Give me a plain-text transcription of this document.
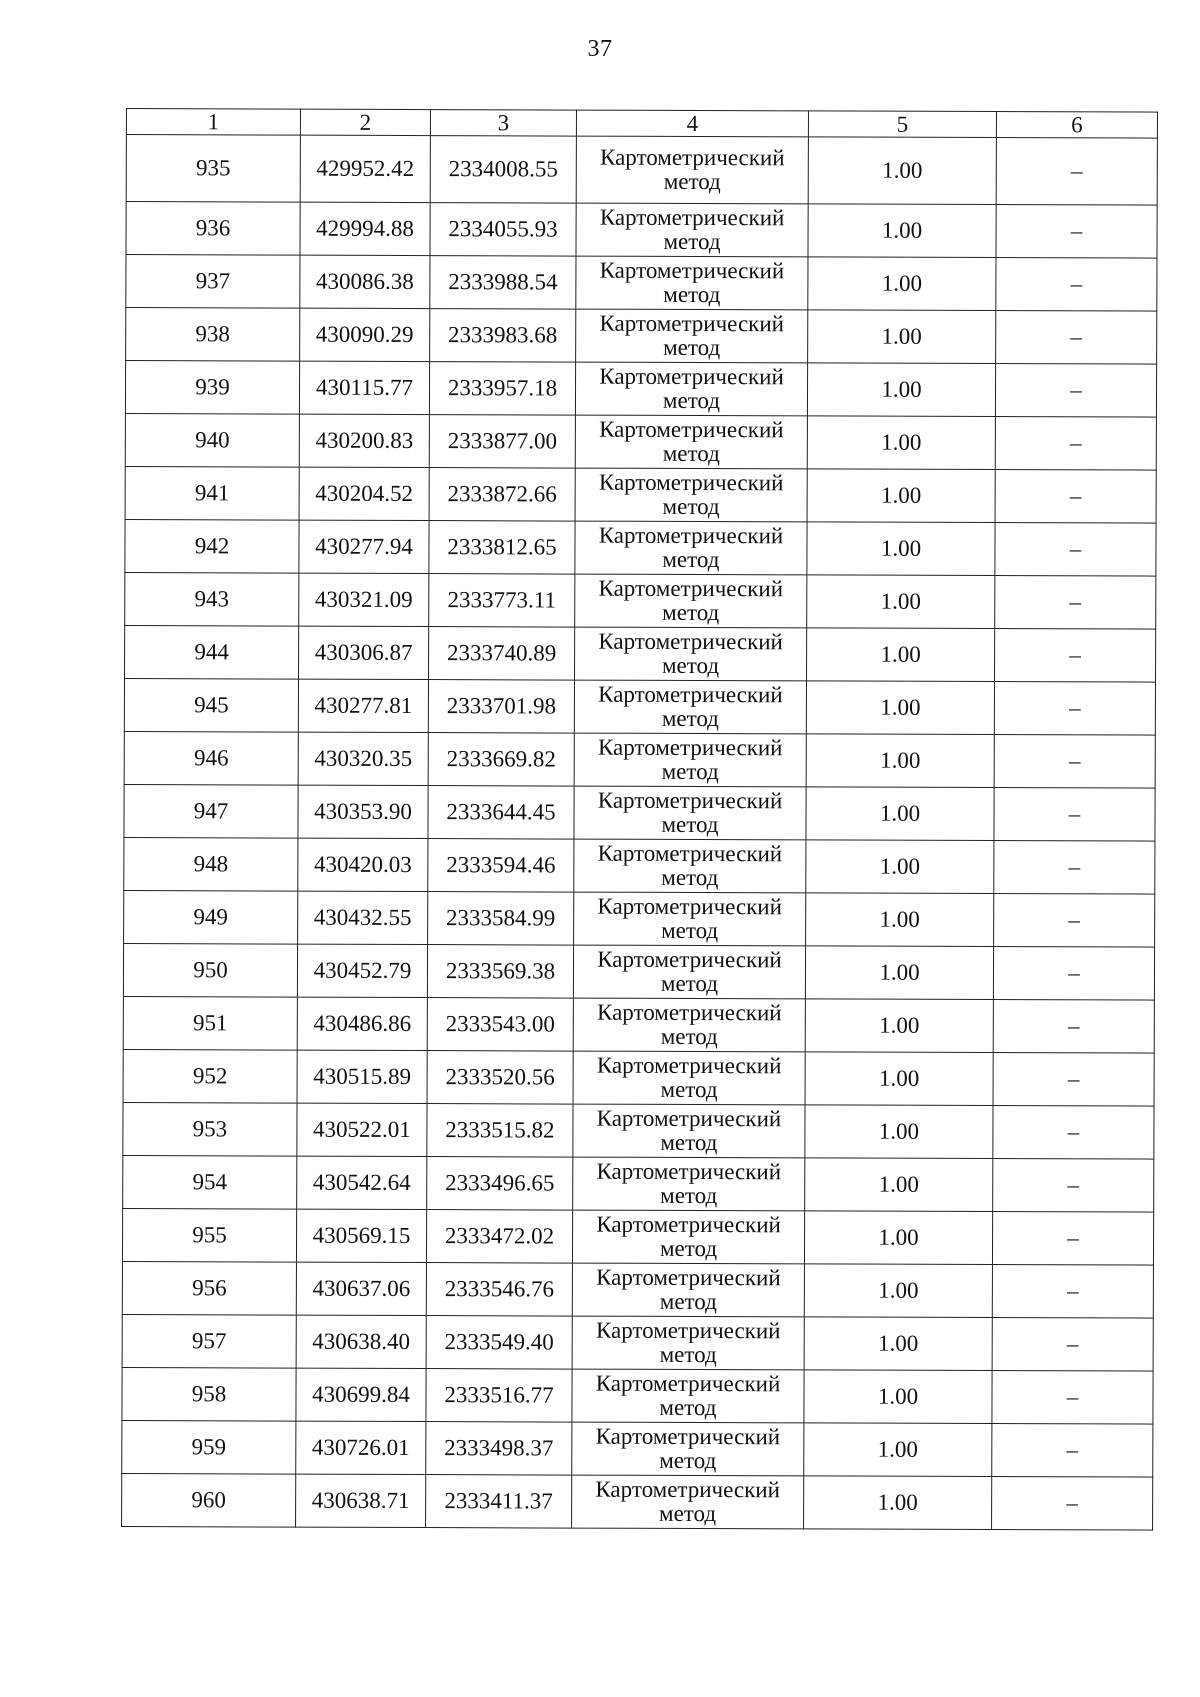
37
1	2	3	4	5	6
935	429952.42	2334008.55	Картометрический метод	1.00	–
936	429994.88	2334055.93	Картометрический метод	1.00	–
937	430086.38	2333988.54	Картометрический метод	1.00	–
938	430090.29	2333983.68	Картометрический метод	1.00	–
939	430115.77	2333957.18	Картометрический метод	1.00	–
940	430200.83	2333877.00	Картометрический метод	1.00	–
941	430204.52	2333872.66	Картометрический метод	1.00	–
942	430277.94	2333812.65	Картометрический метод	1.00	–
943	430321.09	2333773.11	Картометрический метод	1.00	–
944	430306.87	2333740.89	Картометрический метод	1.00	–
945	430277.81	2333701.98	Картометрический метод	1.00	–
946	430320.35	2333669.82	Картометрический метод	1.00	–
947	430353.90	2333644.45	Картометрический метод	1.00	–
948	430420.03	2333594.46	Картометрический метод	1.00	–
949	430432.55	2333584.99	Картометрический метод	1.00	–
950	430452.79	2333569.38	Картометрический метод	1.00	–
951	430486.86	2333543.00	Картометрический метод	1.00	–
952	430515.89	2333520.56	Картометрический метод	1.00	–
953	430522.01	2333515.82	Картометрический метод	1.00	–
954	430542.64	2333496.65	Картометрический метод	1.00	–
955	430569.15	2333472.02	Картометрический метод	1.00	–
956	430637.06	2333546.76	Картометрический метод	1.00	–
957	430638.40	2333549.40	Картометрический метод	1.00	–
958	430699.84	2333516.77	Картометрический метод	1.00	–
959	430726.01	2333498.37	Картометрический метод	1.00	–
960	430638.71	2333411.37	Картометрический метод	1.00	–
